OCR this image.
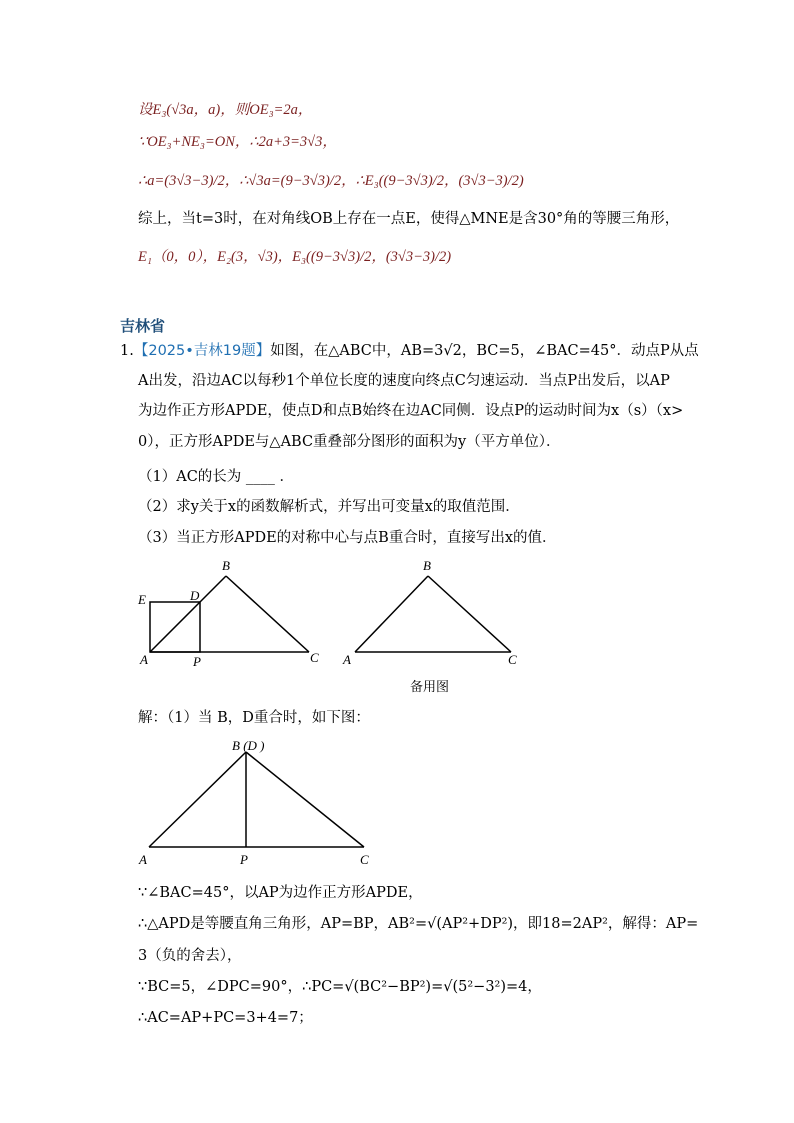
设E₃(√3a，a)，则OE₃=2a，
∵OE₃+NE₃=ON，∴2a+3=3√3，
∴a=(3√3−3)/2，∴√3a=(9−3√3)/2，∴E₃((9−3√3)/2，(3√3−3)/2)
综上，当t=3时，在对角线OB上存在一点E，使得△MNE是含30°角的等腰三角形，
E₁（0，0），E₂(3，√3)，E₃((9−3√3)/2，(3√3−3)/2)
吉林省
1.【2025•吉林19题】如图，在△ABC中，AB=3√2，BC=5，∠BAC=45°．动点P从点
A出发，沿边AC以每秒1个单位长度的速度向终点C匀速运动．当点P出发后，以AP
为边作正方形APDE，使点D和点B始终在边AC同侧．设点P的运动时间为x（s）（x>
0），正方形APDE与△ABC重叠部分图形的面积为y（平方单位）．
（1）AC的长为 ____ ．
（2）求y关于x的函数解析式，并写出可变量x的取值范围．
（3）当正方形APDE的对称中心与点B重合时，直接写出x的值．
B
E	D
A	P	C
B
A	C
备用图
解：（1）当 B，D重合时，如下图：
B (D )
A	P	C
∵∠BAC=45°，以AP为边作正方形APDE，
∴△APD是等腰直角三角形，AP=BP，AB²=√(AP²+DP²)，即18=2AP²，解得：AP=
3（负的舍去），
∵BC=5，∠DPC=90°，∴PC=√(BC²−BP²)=√(5²−3²)=4，
∴AC=AP+PC=3+4=7；
